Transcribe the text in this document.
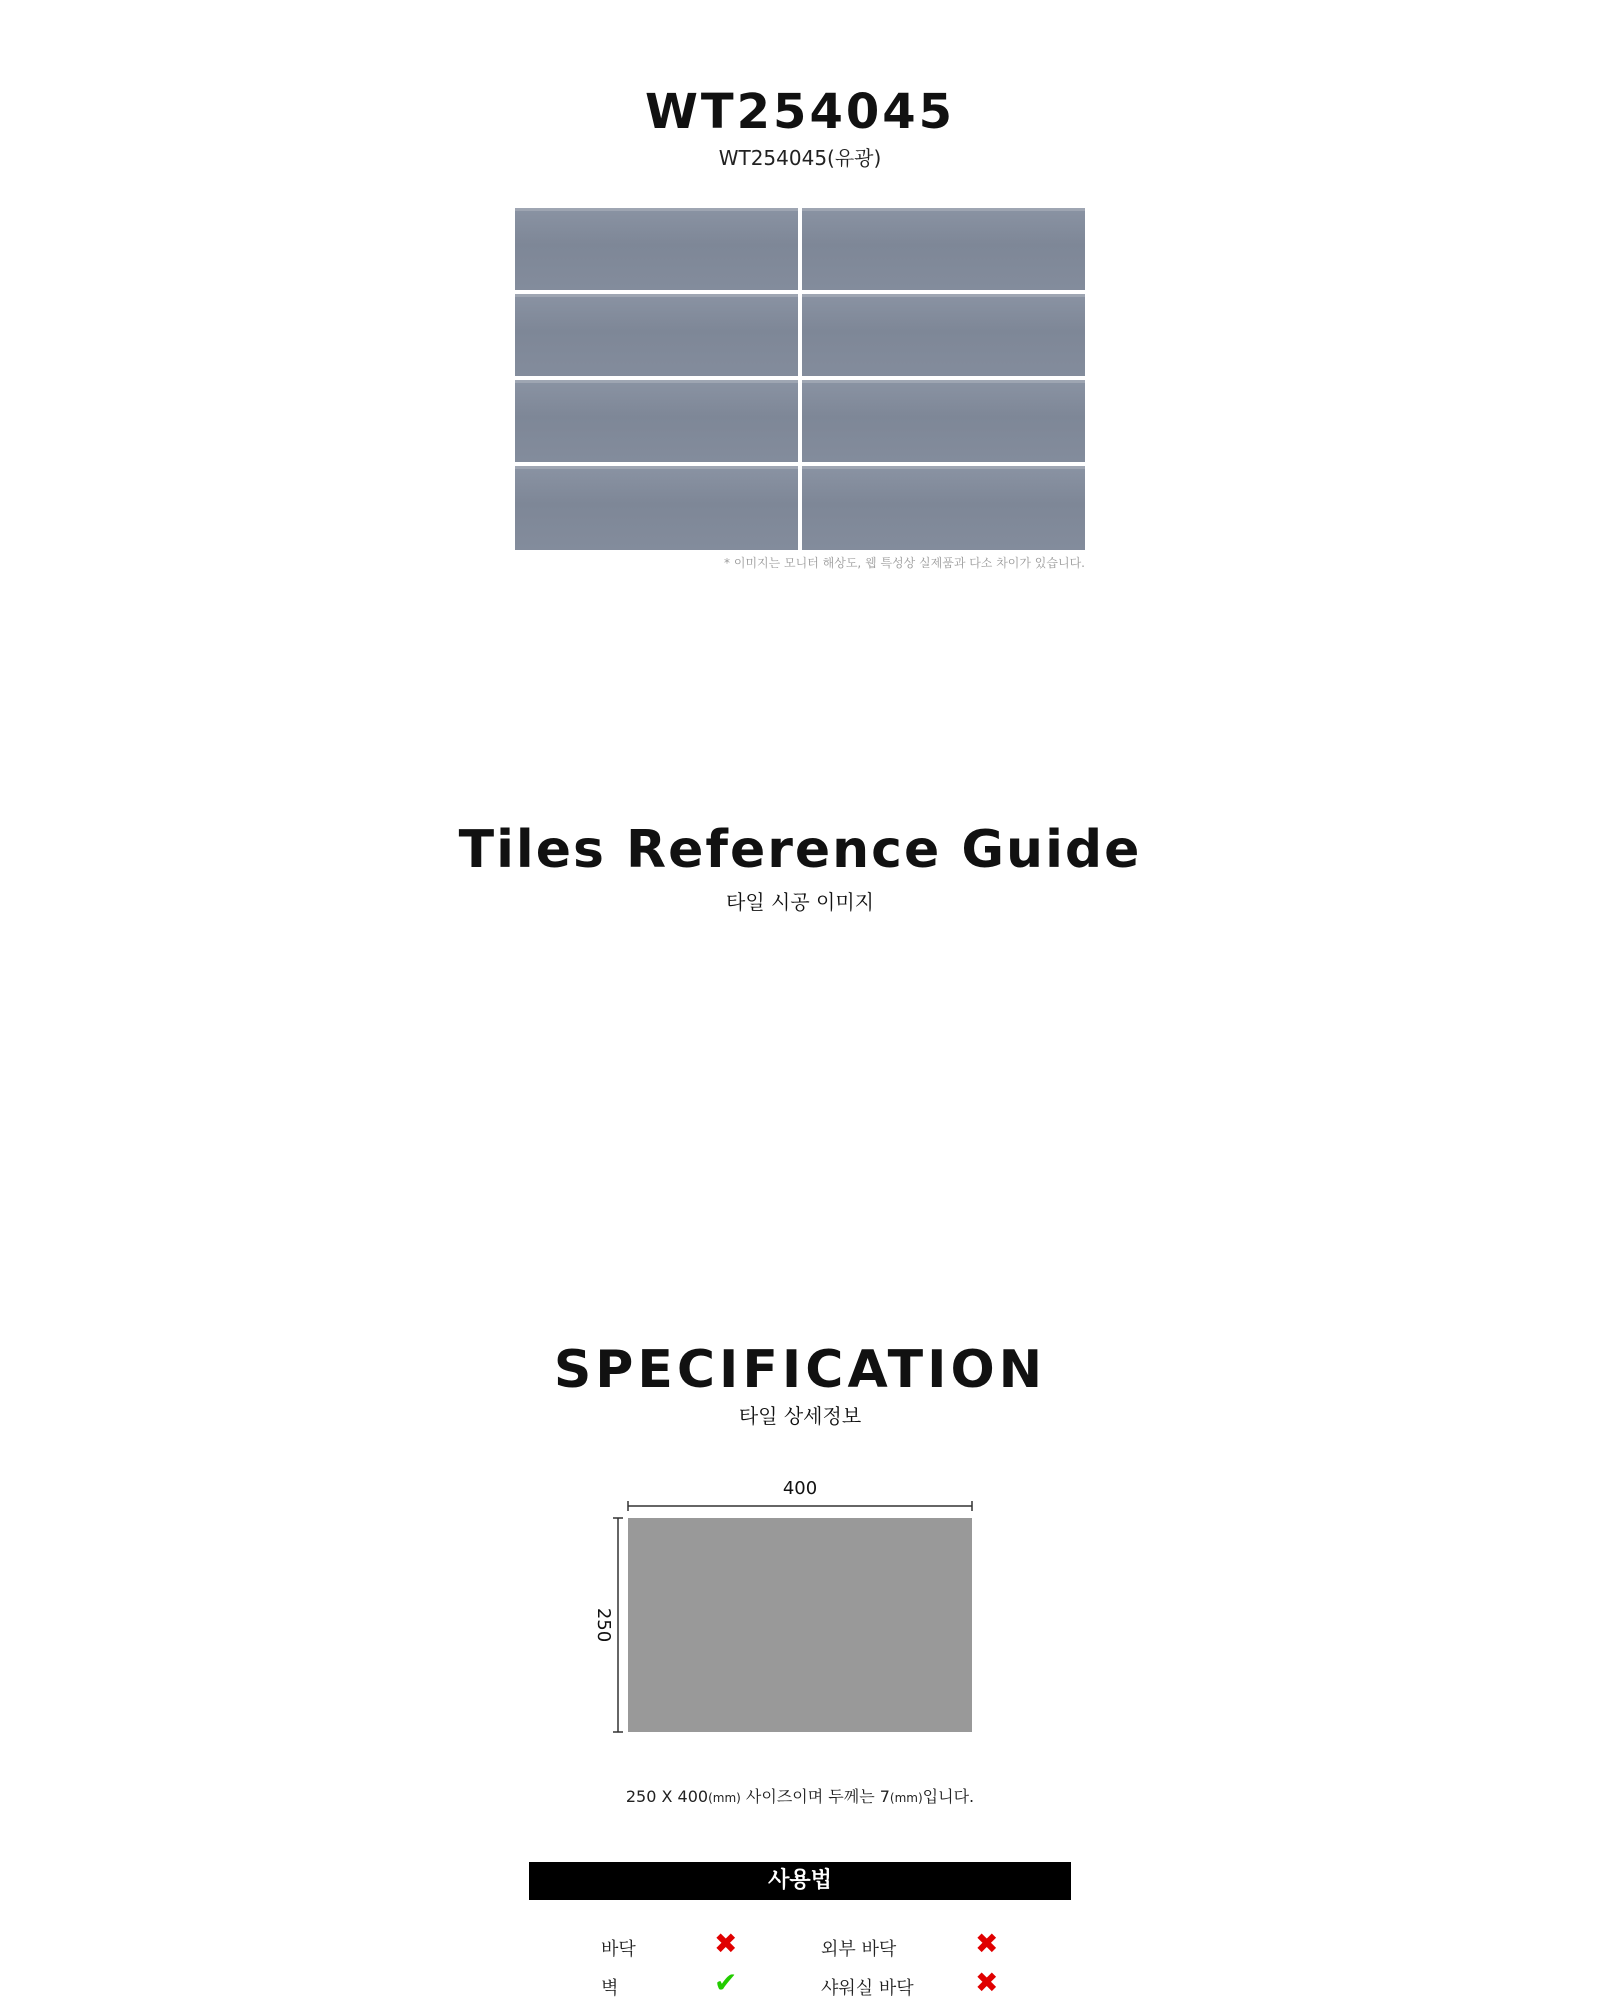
WT254045
WT254045(유광)
* 이미지는 모니터 해상도, 웹 특성상 실제품과 다소 차이가 있습니다.
Tiles Reference Guide
타일 시공 이미지
SPECIFICATION
타일 상세정보
400
250
250 X 400(mm) 사이즈이며 두께는 7(mm)입니다.
사용법
바닥	✖	외부 바닥	✖
벽	✔	샤워실 바닥 ✖
